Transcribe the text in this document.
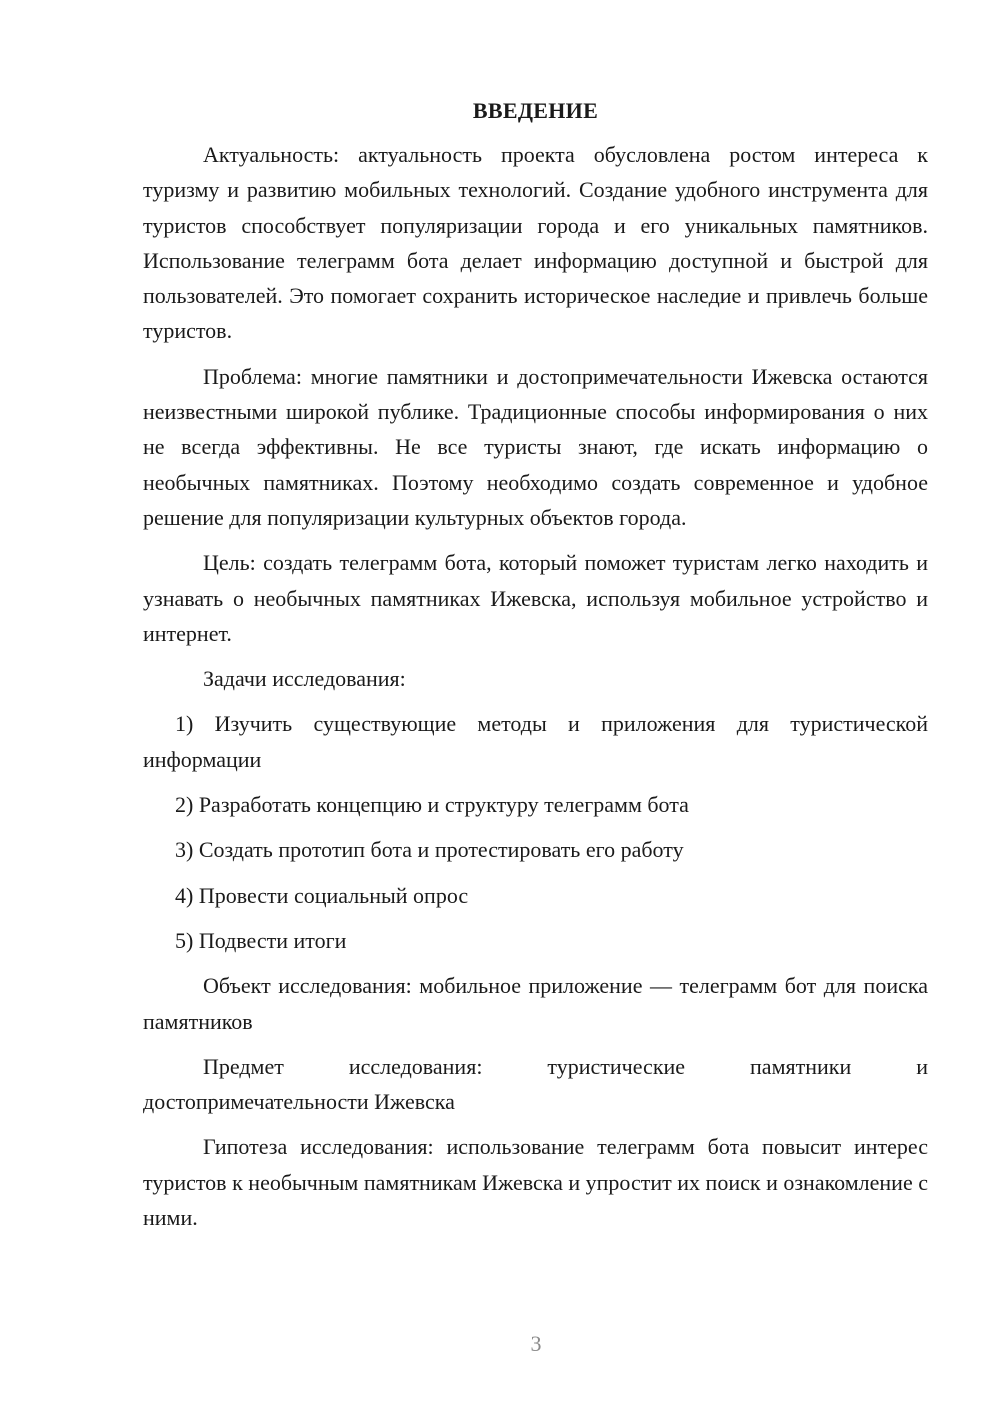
ВВЕДЕНИЕ

Актуальность: актуальность проекта обусловлена ростом интереса к туризму и развитию мобильных технологий. Создание удобного инструмента для туристов способствует популяризации города и его уникальных памятников. Использование телеграмм бота делает информацию доступной и быстрой для пользователей. Это помогает сохранить историческое наследие и привлечь больше туристов.

Проблема: многие памятники и достопримечательности Ижевска остаются неизвестными широкой публике. Традиционные способы информирования о них не всегда эффективны. Не все туристы знают, где искать информацию о необычных памятниках. Поэтому необходимо создать современное и удобное решение для популяризации культурных объектов города.

Цель: создать телеграмм бота, который поможет туристам легко находить и узнавать о необычных памятниках Ижевска, используя мобильное устройство и интернет.

Задачи исследования:

1) Изучить существующие методы и приложения для туристической информации

2) Разработать концепцию и структуру телеграмм бота

3) Создать прототип бота и протестировать его работу

4) Провести социальный опрос

5) Подвести итоги

Объект исследования: мобильное приложение — телеграмм бот для поиска памятников

Предмет исследования: туристические памятники и
достопримечательности Ижевска

Гипотеза исследования: использование телеграмм бота повысит интерес туристов к необычным памятникам Ижевска и упростит их поиск и ознакомление с ними.

3
